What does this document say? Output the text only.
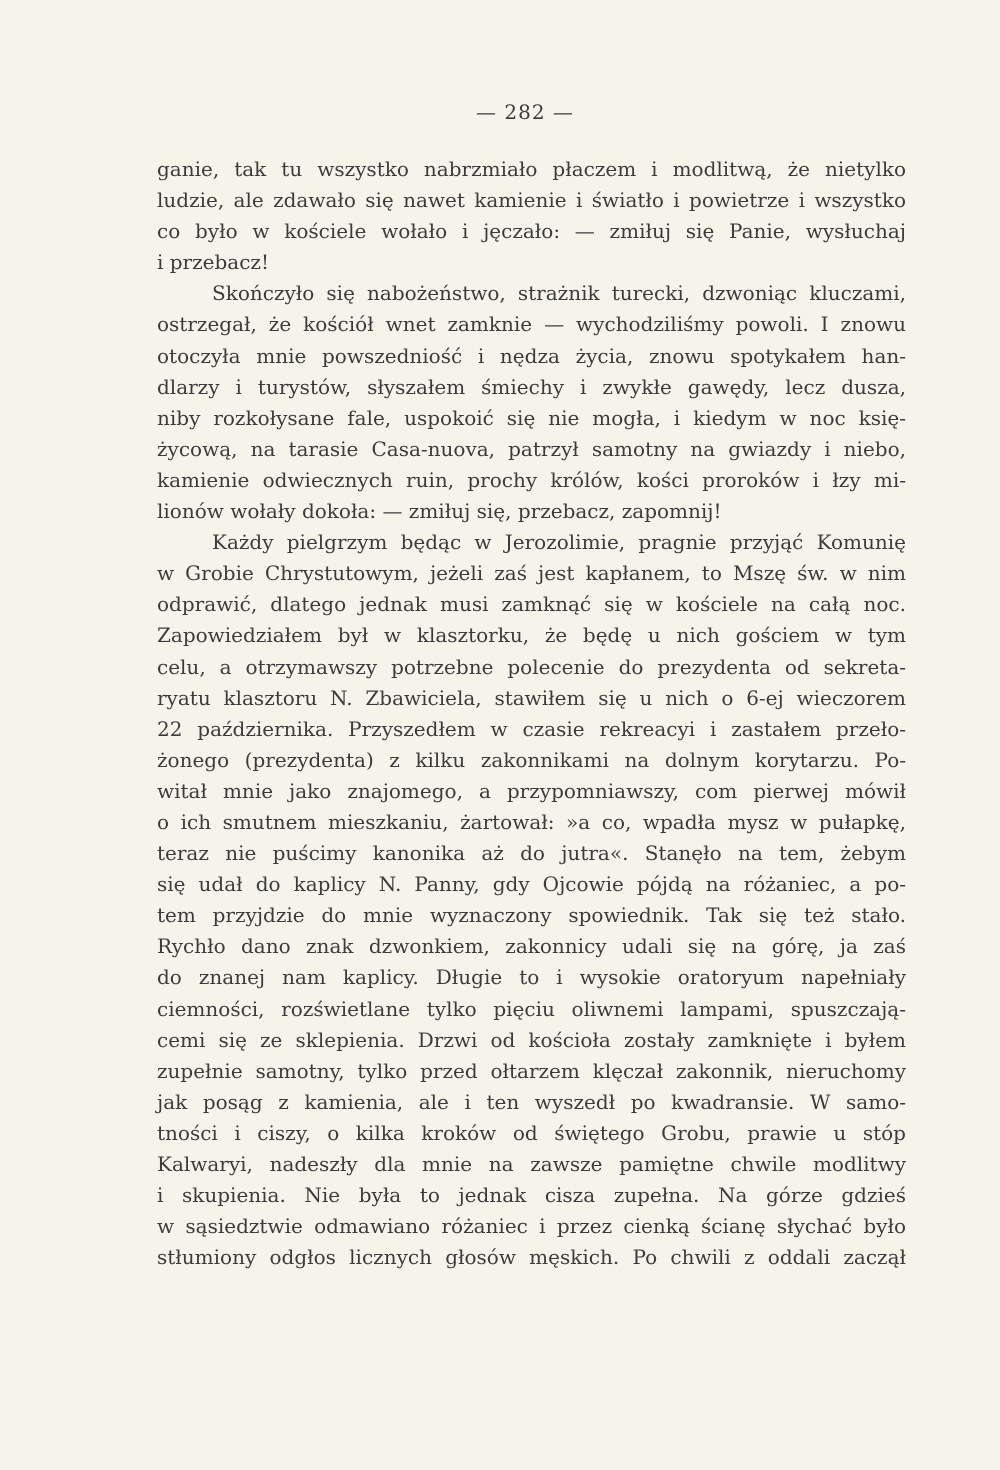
— 282 —
ganie, tak tu wszystko nabrzmiało płaczem i modlitwą, że nietylko
ludzie, ale zdawało się nawet kamienie i światło i powietrze i wszystko
co było w kościele wołało i jęczało: — zmiłuj się Panie, wysłuchaj
i przebacz!
Skończyło się nabożeństwo, strażnik turecki, dzwoniąc kluczami,
ostrzegał, że kościół wnet zamknie — wychodziliśmy powoli. I znowu
otoczyła mnie powszedniość i nędza życia, znowu spotykałem han-
dlarzy i turystów, słyszałem śmiechy i zwykłe gawędy, lecz dusza,
niby rozkołysane fale, uspokoić się nie mogła, i kiedym w noc księ-
życową, na tarasie Casa-nuova, patrzył samotny na gwiazdy i niebo,
kamienie odwiecznych ruin, prochy królów, kości proroków i łzy mi-
lionów wołały dokoła: — zmiłuj się, przebacz, zapomnij!
Każdy pielgrzym będąc w Jerozolimie, pragnie przyjąć Komunię
w Grobie Chrystutowym, jeżeli zaś jest kapłanem, to Mszę św. w nim
odprawić, dlatego jednak musi zamknąć się w kościele na całą noc.
Zapowiedziałem był w klasztorku, że będę u nich gościem w tym
celu, a otrzymawszy potrzebne polecenie do prezydenta od sekreta-
ryatu klasztoru N. Zbawiciela, stawiłem się u nich o 6-ej wieczorem
22 października. Przyszedłem w czasie rekreacyi i zastałem przeło-
żonego (prezydenta) z kilku zakonnikami na dolnym korytarzu. Po-
witał mnie jako znajomego, a przypomniawszy, com pierwej mówił
o ich smutnem mieszkaniu, żartował: »a co, wpadła mysz w pułapkę,
teraz nie puścimy kanonika aż do jutra«. Stanęło na tem, żebym
się udał do kaplicy N. Panny, gdy Ojcowie pójdą na różaniec, a po-
tem przyjdzie do mnie wyznaczony spowiednik. Tak się też stało.
Rychło dano znak dzwonkiem, zakonnicy udali się na górę, ja zaś
do znanej nam kaplicy. Długie to i wysokie oratoryum napełniały
ciemności, rozświetlane tylko pięciu oliwnemi lampami, spuszczają-
cemi się ze sklepienia. Drzwi od kościoła zostały zamknięte i byłem
zupełnie samotny, tylko przed ołtarzem klęczał zakonnik, nieruchomy
jak posąg z kamienia, ale i ten wyszedł po kwadransie. W samo-
tności i ciszy, o kilka kroków od świętego Grobu, prawie u stóp
Kalwaryi, nadeszły dla mnie na zawsze pamiętne chwile modlitwy
i skupienia. Nie była to jednak cisza zupełna. Na górze gdzieś
w sąsiedztwie odmawiano różaniec i przez cienką ścianę słychać było
stłumiony odgłos licznych głosów męskich. Po chwili z oddali zaczął
